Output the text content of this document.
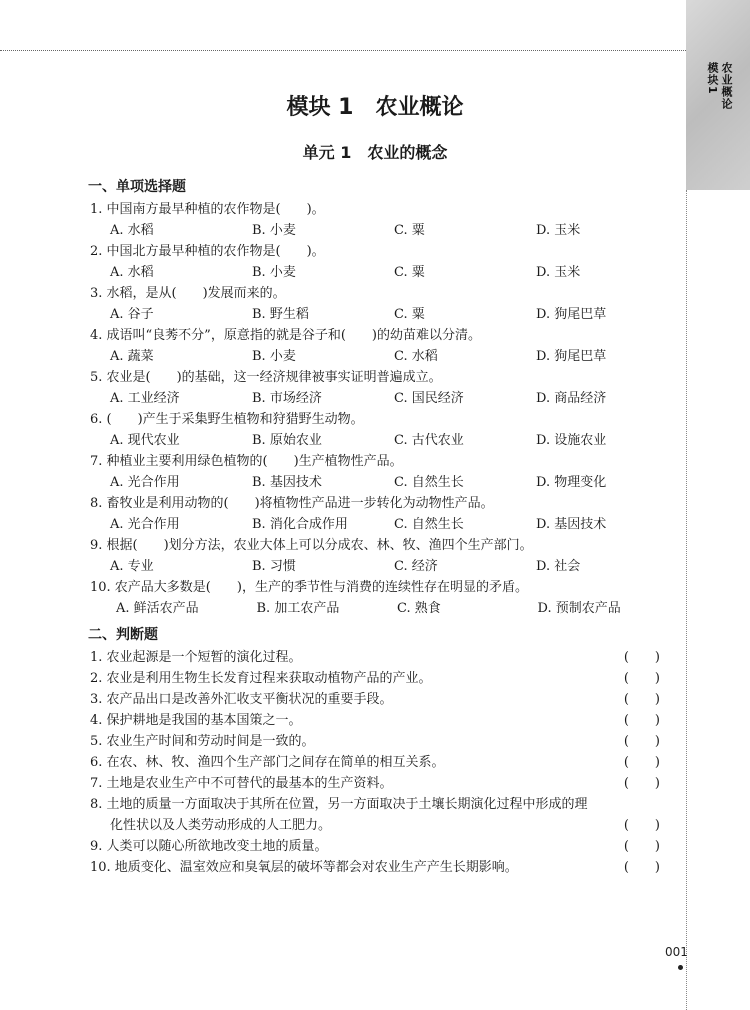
模块1 农业概论
模块 1　农业概论
单元 1　农业的概念
一、单项选择题
1. 中国南方最早种植的农作物是(　　)。
A. 水稻	B. 小麦	C. 粟	D. 玉米
2. 中国北方最早种植的农作物是(　　)。
A. 水稻	B. 小麦	C. 粟	D. 玉米
3. 水稻，是从(　　)发展而来的。
A. 谷子	B. 野生稻	C. 粟	D. 狗尾巴草
4. 成语叫“良莠不分”，原意指的就是谷子和(　　)的幼苗难以分清。
A. 蔬菜	B. 小麦	C. 水稻	D. 狗尾巴草
5. 农业是(　　)的基础，这一经济规律被事实证明普遍成立。
A. 工业经济	B. 市场经济	C. 国民经济	D. 商品经济
6. (　　)产生于采集野生植物和狩猎野生动物。
A. 现代农业	B. 原始农业	C. 古代农业	D. 设施农业
7. 种植业主要利用绿色植物的(　　)生产植物性产品。
A. 光合作用	B. 基因技术	C. 自然生长	D. 物理变化
8. 畜牧业是利用动物的(　　)将植物性产品进一步转化为动物性产品。
A. 光合作用	B. 消化合成作用	C. 自然生长	D. 基因技术
9. 根据(　　)划分方法，农业大体上可以分成农、林、牧、渔四个生产部门。
A. 专业	B. 习惯	C. 经济	D. 社会
10. 农产品大多数是(　　)，生产的季节性与消费的连续性存在明显的矛盾。
A. 鲜活农产品	B. 加工农产品	C. 熟食	D. 预制农产品
二、判断题
1. 农业起源是一个短暂的演化过程。	(　　)
2. 农业是利用生物生长发育过程来获取动植物产品的产业。	(　　)
3. 农产品出口是改善外汇收支平衡状况的重要手段。	(　　)
4. 保护耕地是我国的基本国策之一。	(　　)
5. 农业生产时间和劳动时间是一致的。	(　　)
6. 在农、林、牧、渔四个生产部门之间存在简单的相互关系。	(　　)
7. 土地是农业生产中不可替代的最基本的生产资料。	(　　)
8. 土地的质量一方面取决于其所在位置，另一方面取决于土壤长期演化过程中形成的理
化性状以及人类劳动形成的人工肥力。	(　　)
9. 人类可以随心所欲地改变土地的质量。	(　　)
10. 地质变化、温室效应和臭氧层的破坏等都会对农业生产产生长期影响。	(　　)
001
